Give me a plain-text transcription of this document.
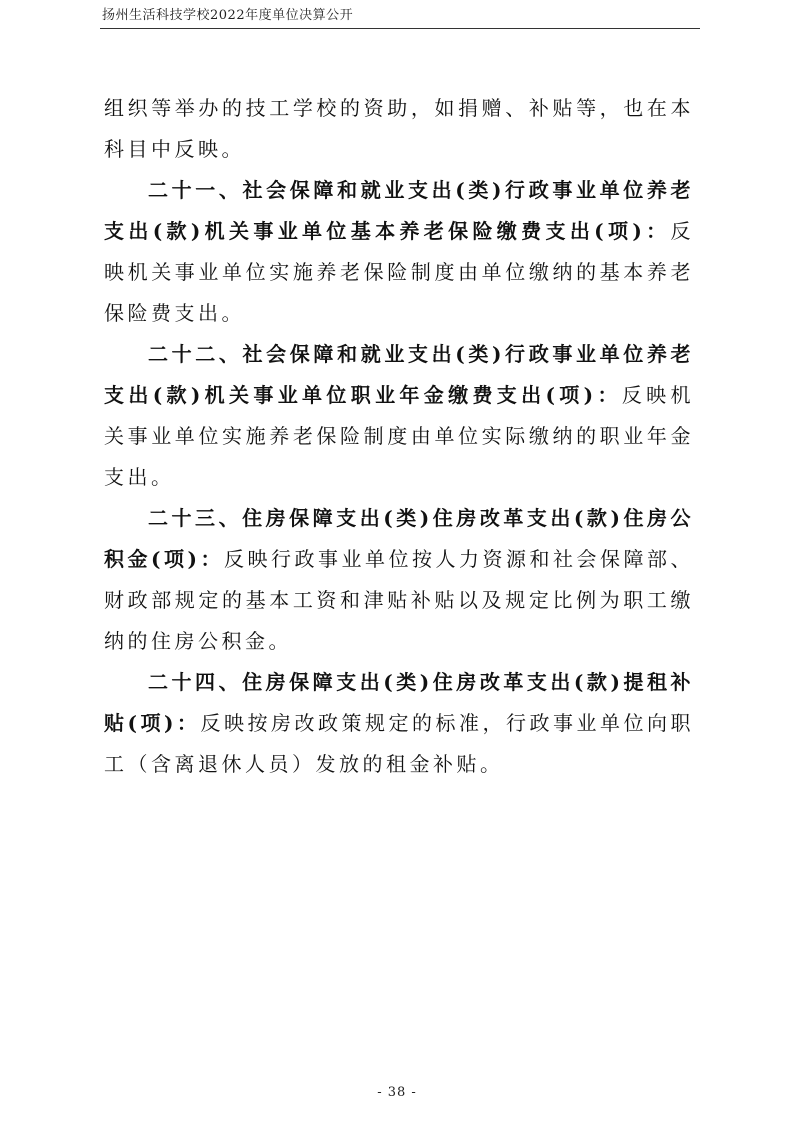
扬州生活科技学校2022年度单位决算公开

组织等举办的技工学校的资助，如捐赠、补贴等，也在本科目中反映。

二十一、社会保障和就业支出(类)行政事业单位养老支出(款)机关事业单位基本养老保险缴费支出(项)：反映机关事业单位实施养老保险制度由单位缴纳的基本养老保险费支出。

二十二、社会保障和就业支出(类)行政事业单位养老支出(款)机关事业单位职业年金缴费支出(项)：反映机关事业单位实施养老保险制度由单位实际缴纳的职业年金支出。

二十三、住房保障支出(类)住房改革支出(款)住房公积金(项)：反映行政事业单位按人力资源和社会保障部、财政部规定的基本工资和津贴补贴以及规定比例为职工缴纳的住房公积金。

二十四、住房保障支出(类)住房改革支出(款)提租补贴(项)：反映按房改政策规定的标准，行政事业单位向职工（含离退休人员）发放的租金补贴。

- 38 -
